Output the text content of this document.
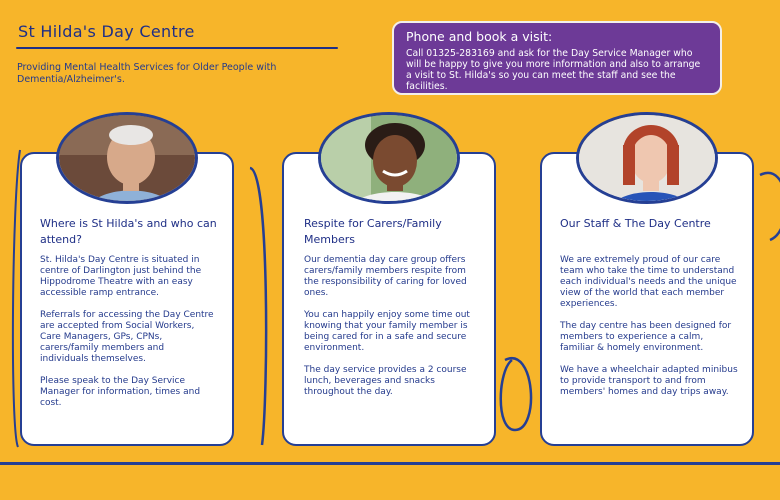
St Hilda's Day Centre
Providing Mental Health Services for Older People with Dementia/Alzheimer's.
Phone and book a visit:
Call 01325-283169 and ask for the Day Service Manager who will be happy to give you more information and also to arrange a visit to St. Hilda's so you can meet the staff and see the facilities.
Where is St Hilda's and who can attend?

St. Hilda's Day Centre is situated in centre of Darlington just behind the Hippodrome Theatre with an easy accessible ramp entrance.

Referrals for accessing the Day Centre are accepted from Social Workers, Care Managers, GPs, CPNs, carers/family members and individuals themselves.

Please speak to the Day Service Manager for information, times and cost.

Respite for Carers/Family Members

Our dementia day care group offers carers/family members respite from the responsibility of caring for loved ones.

You can happily enjoy some time out knowing that your family member is being cared for in a safe and secure environment.

The day service provides a 2 course lunch, beverages and snacks throughout the day.

Our Staff & The Day Centre

We are extremely proud of our care team who take the time to understand each individual's needs and the unique view of the world that each member experiences.

The day centre has been designed for members to experience a calm, familiar & homely environment.

We have a wheelchair adapted minibus to provide transport to and from members' homes and day trips away.
